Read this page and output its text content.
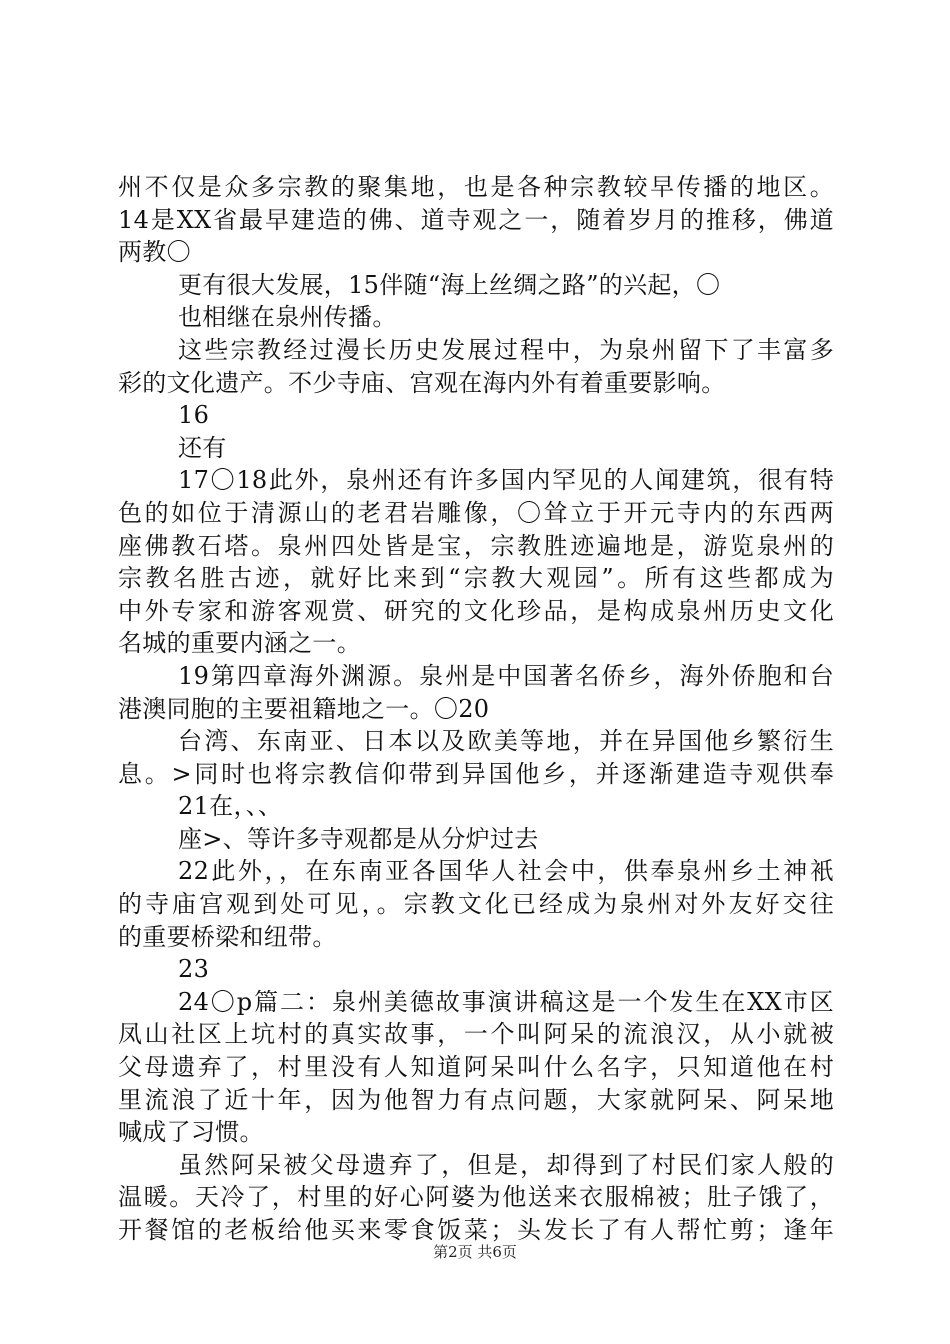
州不仅是众多宗教的聚集地，也是各种宗教较早传播的地区。
14是XX省最早建造的佛、道寺观之一，随着岁月的推移，佛道
两教〇
更有很大发展，15伴随“海上丝绸之路”的兴起，〇
也相继在泉州传播。
这些宗教经过漫长历史发展过程中，为泉州留下了丰富多
彩的文化遗产。不少寺庙、宫观在海内外有着重要影响。
16
还有
17〇18此外，泉州还有许多国内罕见的人闻建筑，很有特
色的如位于清源山的老君岩雕像，〇耸立于开元寺内的东西两
座佛教石塔。泉州四处皆是宝，宗教胜迹遍地是，游览泉州的
宗教名胜古迹，就好比来到“宗教大观园”。所有这些都成为
中外专家和游客观赏、研究的文化珍品，是构成泉州历史文化
名城的重要内涵之一。
19第四章海外渊源。泉州是中国著名侨乡，海外侨胞和台
港澳同胞的主要祖籍地之一。〇20
台湾、东南亚、日本以及欧美等地，并在异国他乡繁衍生
息。>同时也将宗教信仰带到异国他乡，并逐渐建造寺观供奉
21在，、、
座>、等许多寺观都是从分炉过去
22此外，，在东南亚各国华人社会中，供奉泉州乡土神衹
的寺庙宫观到处可见，。宗教文化已经成为泉州对外友好交往
的重要桥梁和纽带。
23
24〇p篇二：泉州美德故事演讲稿这是一个发生在XX市区
凤山社区上坑村的真实故事，一个叫阿呆的流浪汉，从小就被
父母遗弃了，村里没有人知道阿呆叫什么名字，只知道他在村
里流浪了近十年，因为他智力有点问题，大家就阿呆、阿呆地
喊成了习惯。
虽然阿呆被父母遗弃了，但是，却得到了村民们家人般的
温暖。天冷了，村里的好心阿婆为他送来衣服棉被；肚子饿了，
开餐馆的老板给他买来零食饭菜；头发长了有人帮忙剪；逢年
第2页 共6页
